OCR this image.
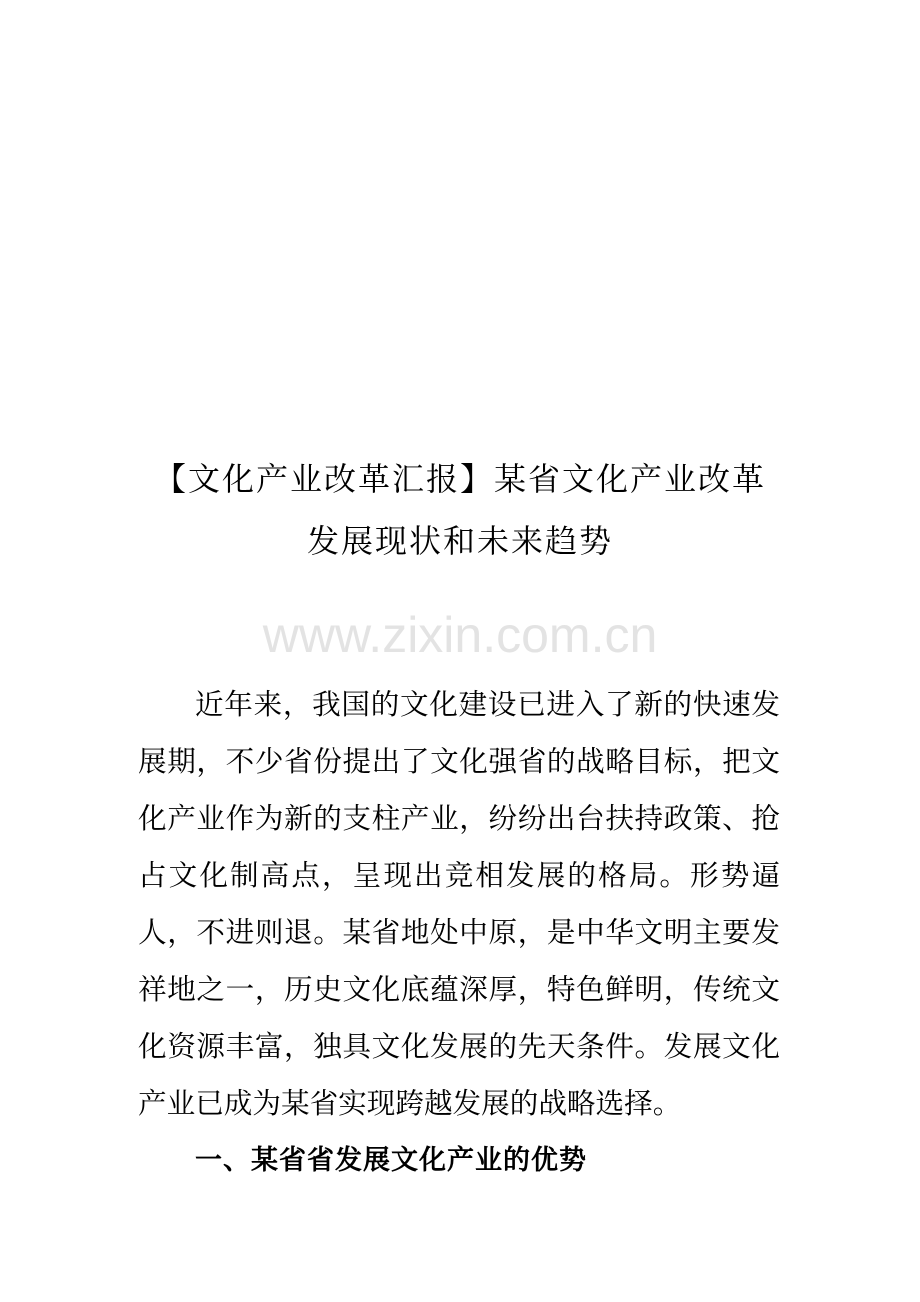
【文化产业改革汇报】某省文化产业改革
发展现状和未来趋势
www.zixin.com.cn

近年来，我国的文化建设已进入了新的快速发展期，不少省份提出了文化强省的战略目标，把文化产业作为新的支柱产业，纷纷出台扶持政策、抢占文化制高点，呈现出竞相发展的格局。形势逼人，不进则退。某省地处中原，是中华文明主要发祥地之一，历史文化底蕴深厚，特色鲜明，传统文化资源丰富，独具文化发展的先天条件。发展文化产业已成为某省实现跨越发展的战略选择。

一、某省省发展文化产业的优势
